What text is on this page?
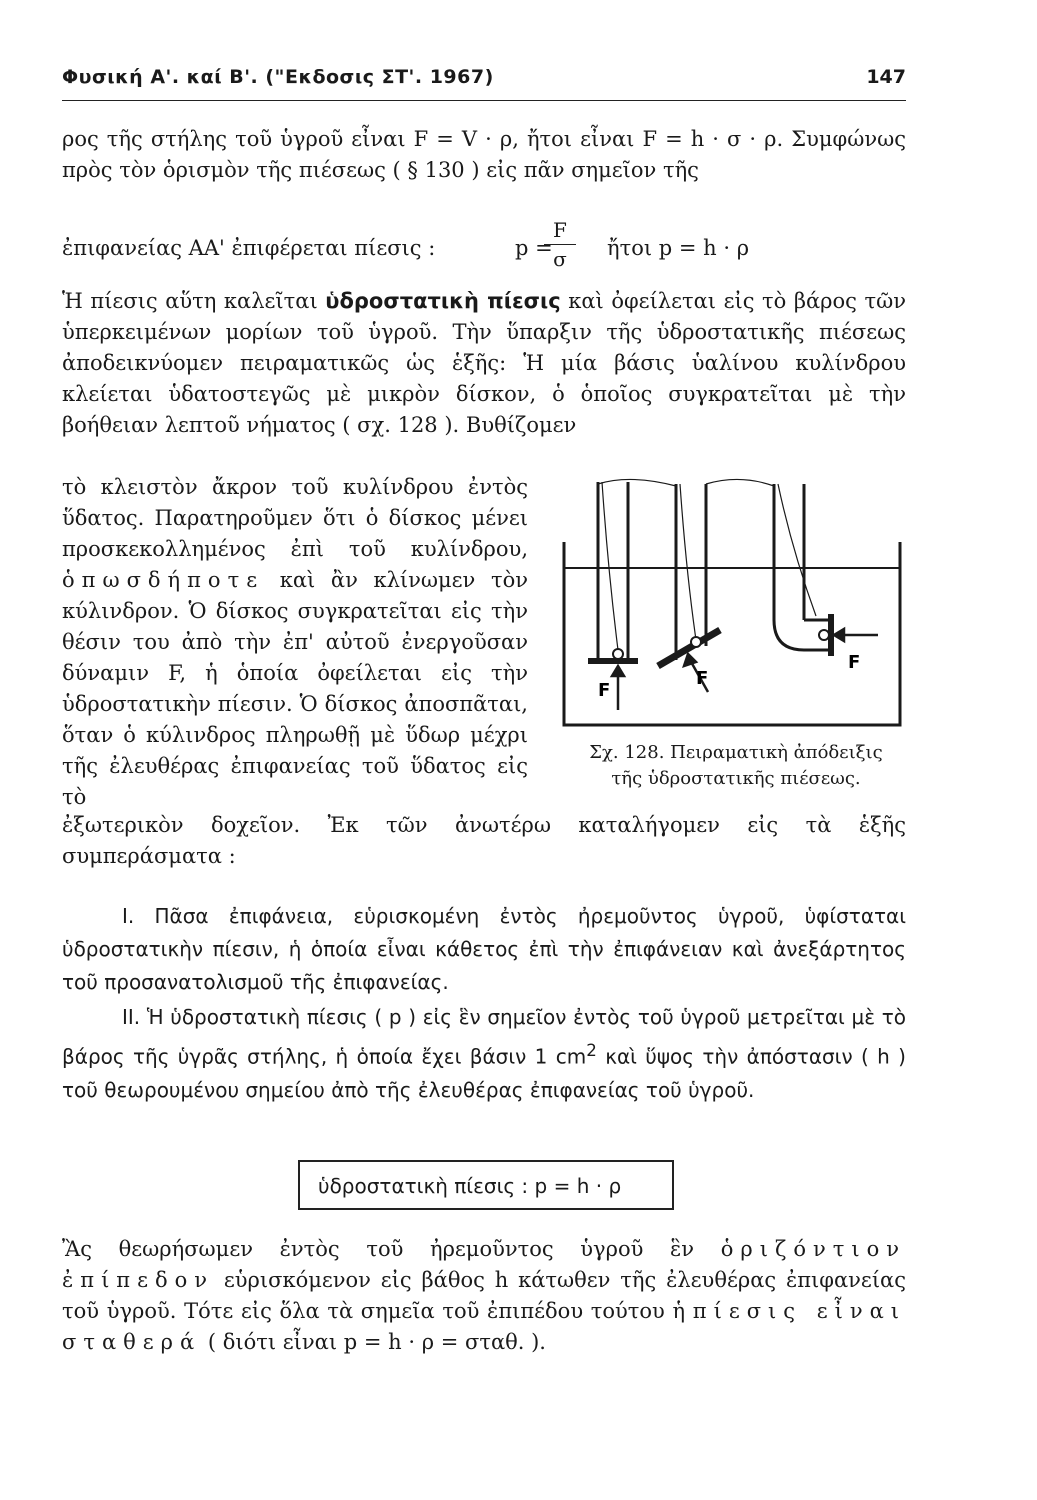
Φυσική Α'. καί Β'. ("Εκδοσις ΣΤ'. 1967)	147

ρος τῆς στήλης τοῦ ὑγροῦ εἶναι F = V · ρ, ἤτοι εἶναι F = h · σ · ρ. Συμφώνως πρὸς τὸν ὁρισμὸν τῆς πιέσεως ( § 130 ) εἰς πᾶν σημεῖον τῆς

ἐπιφανείας ΑΑ' ἐπιφέρεται πίεσις :	p =
F
σ	ἤτοι p = h · ρ

Ἡ πίεσις αὕτη καλεῖται ὑδροστατικὴ πίεσις καὶ ὀφείλεται εἰς τὸ βάρος τῶν ὑπερκειμένων μορίων τοῦ ὑγροῦ. Τὴν ὕπαρξιν τῆς ὑδροστατικῆς πιέσεως ἀποδεικνύομεν πειραματικῶς ὡς ἑξῆς: Ἡ μία βάσις ὑαλίνου κυλίνδρου κλείεται ὑδατοστεγῶς μὲ μικρὸν δίσκον, ὁ ὁποῖος συγκρατεῖται μὲ τὴν βοήθειαν λεπτοῦ νήματος ( σχ. 128 ). Βυθίζομεν

τὸ κλειστὸν ἄκρον τοῦ κυλίνδρου ἐντὸς ὕδατος. Παρατηροῦμεν ὅτι ὁ δίσκος μένει προσκεκολλημένος ἐπὶ τοῦ κυλίνδρου, ὁπωσδήποτε καὶ ἂν κλίνωμεν τὸν κύλινδρον. Ὁ δίσκος συγκρατεῖται εἰς τὴν θέσιν του ἀπὸ τὴν ἐπ' αὐτοῦ ἐνεργοῦσαν δύναμιν F, ἡ ὁποία ὀφείλεται εἰς τὴν ὑδροστατικὴν πίεσιν. Ὁ δίσκος ἀποσπᾶται, ὅταν ὁ κύλινδρος πληρωθῇ μὲ ὕδωρ μέχρι τῆς ἐλευθέρας ἐπιφανείας τοῦ ὕδατος εἰς τὸ

F
F
F
Σχ. 128. Πειραματικὴ ἀπόδειξις
τῆς ὑδροστατικῆς πιέσεως.

ἐξωτερικὸν δοχεῖον. Ἐκ τῶν ἀνωτέρω καταλήγομεν εἰς τὰ ἑξῆς συμπεράσματα :

I. Πᾶσα ἐπιφάνεια, εὑρισκομένη ἐντὸς ἠρεμοῦντος ὑγροῦ, ὑφίσταται ὑδροστατικὴν πίεσιν, ἡ ὁποία εἶναι κάθετος ἐπὶ τὴν ἐπιφάνειαν καὶ ἀνεξάρτητος τοῦ προσανατολισμοῦ τῆς ἐπιφανείας.

II. Ἡ ὑδροστατικὴ πίεσις ( p ) εἰς ἓν σημεῖον ἐντὸς τοῦ ὑγροῦ μετρεῖται μὲ τὸ βάρος τῆς ὑγρᾶς στήλης, ἡ ὁποία ἔχει βάσιν 1 $cm^2$ καὶ ὕψος τὴν ἀπόστασιν ( h ) τοῦ θεωρουμένου σημείου ἀπὸ τῆς ἐλευθέρας ἐπιφανείας τοῦ ὑγροῦ.

ὑδροστατικὴ πίεσις : p = h · ρ

Ἂς θεωρήσωμεν ἐντὸς τοῦ ἠρεμοῦντος ὑγροῦ ἓν ὁριζόντιον ἐπίπεδον εὑρισκόμενον εἰς βάθος h κάτωθεν τῆς ἐλευθέρας ἐπιφανείας τοῦ ὑγροῦ. Τότε εἰς ὅλα τὰ σημεῖα τοῦ ἐπιπέδου τούτου ἡ πίεσις εἶναι σταθερά ( διότι εἶναι p = h · ρ = σταθ. ).
